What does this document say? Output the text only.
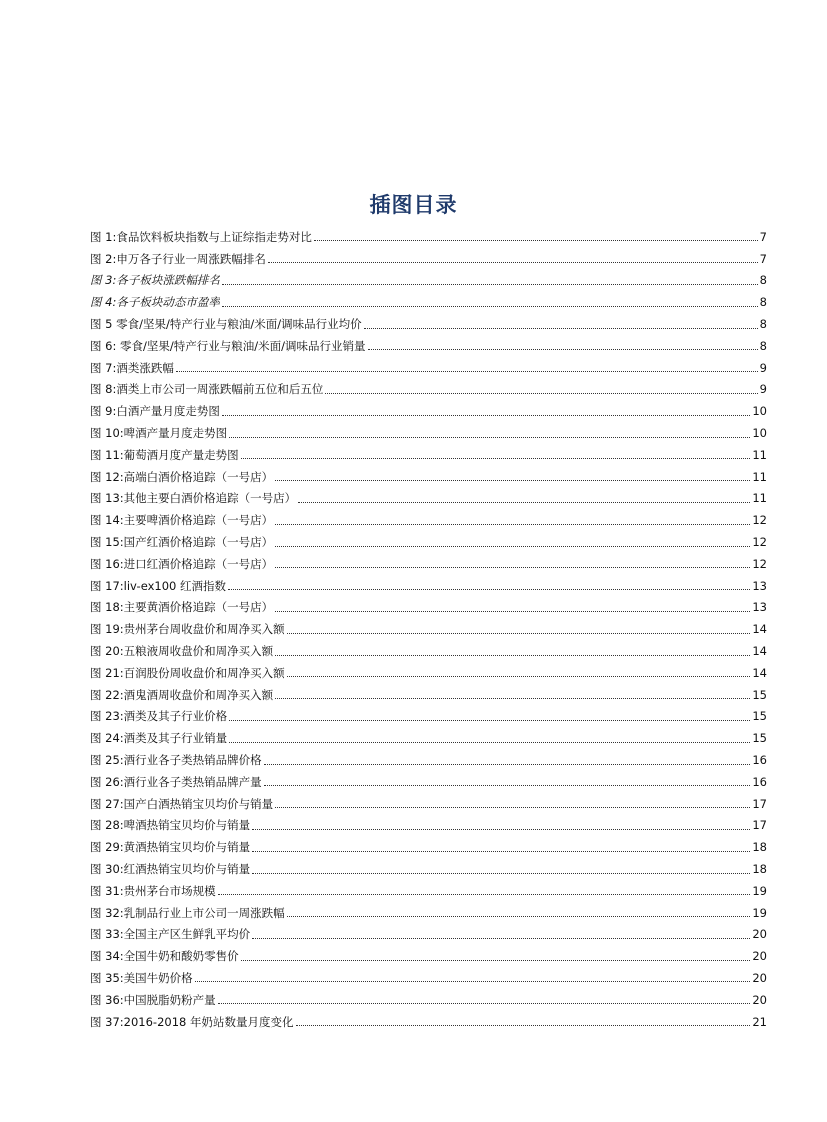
插图目录
图 1:食品饮料板块指数与上证综指走势对比	7
图 2:申万各子行业一周涨跌幅排名	7
图 3:各子板块涨跌幅排名	8
图 4:各子板块动态市盈率	8
图 5 零食/坚果/特产行业与粮油/米面/调味品行业均价	8
图 6: 零食/坚果/特产行业与粮油/米面/调味品行业销量	8
图 7:酒类涨跌幅	9
图 8:酒类上市公司一周涨跌幅前五位和后五位	9
图 9:白酒产量月度走势图	10
图 10:啤酒产量月度走势图	10
图 11:葡萄酒月度产量走势图	11
图 12:高端白酒价格追踪（一号店）	11
图 13:其他主要白酒价格追踪（一号店）	11
图 14:主要啤酒价格追踪（一号店）	12
图 15:国产红酒价格追踪（一号店）	12
图 16:进口红酒价格追踪（一号店）	12
图 17:liv-ex100 红酒指数	13
图 18:主要黄酒价格追踪（一号店）	13
图 19:贵州茅台周收盘价和周净买入额	14
图 20:五粮液周收盘价和周净买入额	14
图 21:百润股份周收盘价和周净买入额	14
图 22:酒鬼酒周收盘价和周净买入额	15
图 23:酒类及其子行业价格	15
图 24:酒类及其子行业销量	15
图 25:酒行业各子类热销品牌价格	16
图 26:酒行业各子类热销品牌产量	16
图 27:国产白酒热销宝贝均价与销量	17
图 28:啤酒热销宝贝均价与销量	17
图 29:黄酒热销宝贝均价与销量	18
图 30:红酒热销宝贝均价与销量	18
图 31:贵州茅台市场规模	19
图 32:乳制品行业上市公司一周涨跌幅	19
图 33:全国主产区生鲜乳平均价	20
图 34:全国牛奶和酸奶零售价	20
图 35:美国牛奶价格	20
图 36:中国脱脂奶粉产量	20
图 37:2016-2018 年奶站数量月度变化	21
